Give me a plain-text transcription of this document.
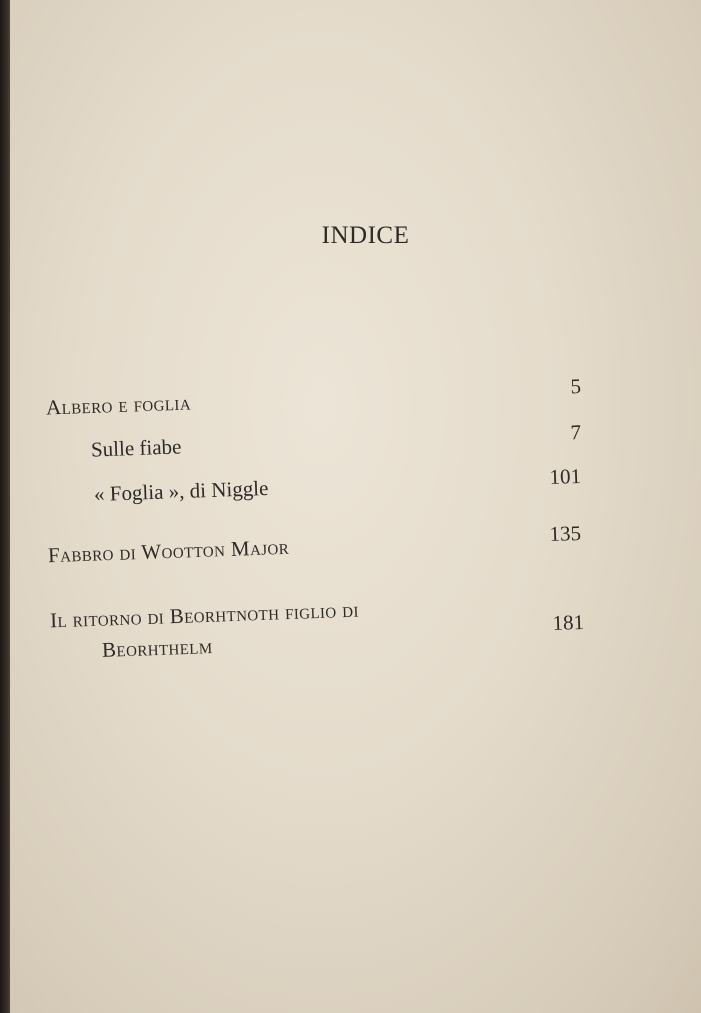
INDICE
Albero e foglia
5
Sulle fiabe
7
« Foglia », di Niggle	101
Fabbro di Wootton Major
135
Il ritorno di Beorhtnoth figlio di
Beorhthelm
181
